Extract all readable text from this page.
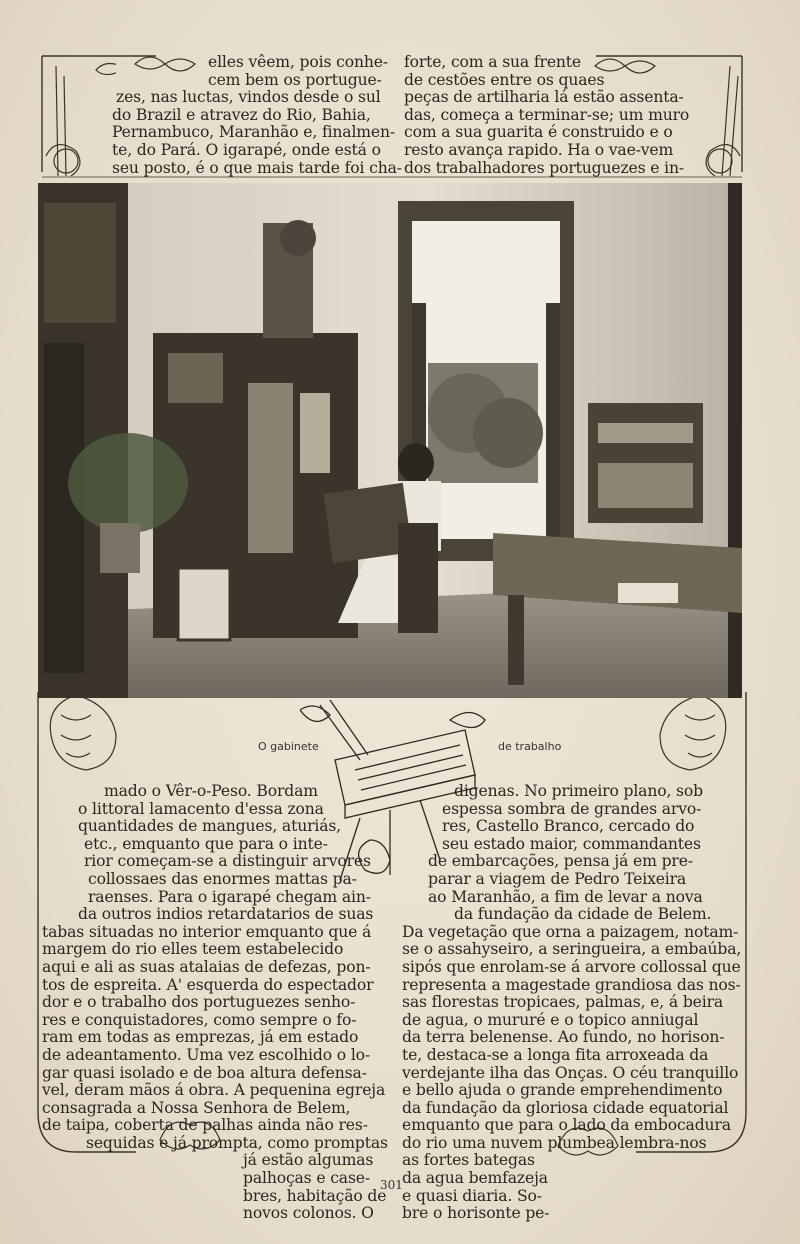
elles vêem, pois conhe-
cem bem os portugue-
zes, nas luctas, vindos desde o sul
do Brazil e atravez do Rio, Bahia,
Pernambuco, Maranhão e, finalmen-
te, do Pará. O igarapé, onde está o
seu posto, é o que mais tarde foi cha-
forte, com a sua frente
de cestões entre os quaes
peças de artilharia lá estão assenta-
das, começa a terminar-se; um muro
com a sua guarita é construido e o
resto avança rapido. Ha o vae-vem
dos trabalhadores portuguezes e in-
O gabinete	de trabalho
mado o Vêr-o-Peso. Bordam
o littoral lamacento d'essa zona
quantidades de mangues, aturiás,
etc., emquanto que para o inte-
rior começam-se a distinguir arvores
collossaes das enormes mattas pa-
raenses. Para o igarapé chegam ain-
da outros indios retardatarios de suas
tabas situadas no interior emquanto que á
margem do rio elles teem estabelecido
aqui e ali as suas atalaias de defezas, pon-
tos de espreita. A' esquerda do espectador
dor e o trabalho dos portuguezes senho-
res e conquistadores, como sempre o fo-
ram em todas as emprezas, já em estado
de adeantamento. Uma vez escolhido o lo-
gar quasi isolado e de boa altura defensa-
vel, deram mãos á obra. A pequenina egreja
consagrada a Nossa Senhora de Belem,
de taipa, coberta de palhas ainda não res-
sequidas e já prompta, como promptas
já estão algumas
palhoças e case-
bres, habitação de
novos colonos. O
digenas. No primeiro plano, sob
espessa sombra de grandes arvo-
res, Castello Branco, cercado do
seu estado maior, commandantes
de embarcações, pensa já em pre-
parar a viagem de Pedro Teixeira
ao Maranhão, a fim de levar a nova
da fundação da cidade de Belem.
Da vegetação que orna a paizagem, notam-
se o assahyseiro, a seringueira, a embaúba,
sipós que enrolam-se á arvore collossal que
representa a magestade grandiosa das nos-
sas florestas tropicaes, palmas, e, á beira
de agua, o mururé e o topico anniugal
da terra belenense. Ao fundo, no horison-
te, destaca-se a longa fita arroxeada da
verdejante ilha das Onças. O céu tranquillo
e bello ajuda o grande emprehendimento
da fundação da gloriosa cidade equatorial
emquanto que para o lado da embocadura
do rio uma nuvem plumbea lembra-nos
as fortes bategas
da agua bemfazeja
e quasi diaria. So-
bre o horisonte pe-
301
